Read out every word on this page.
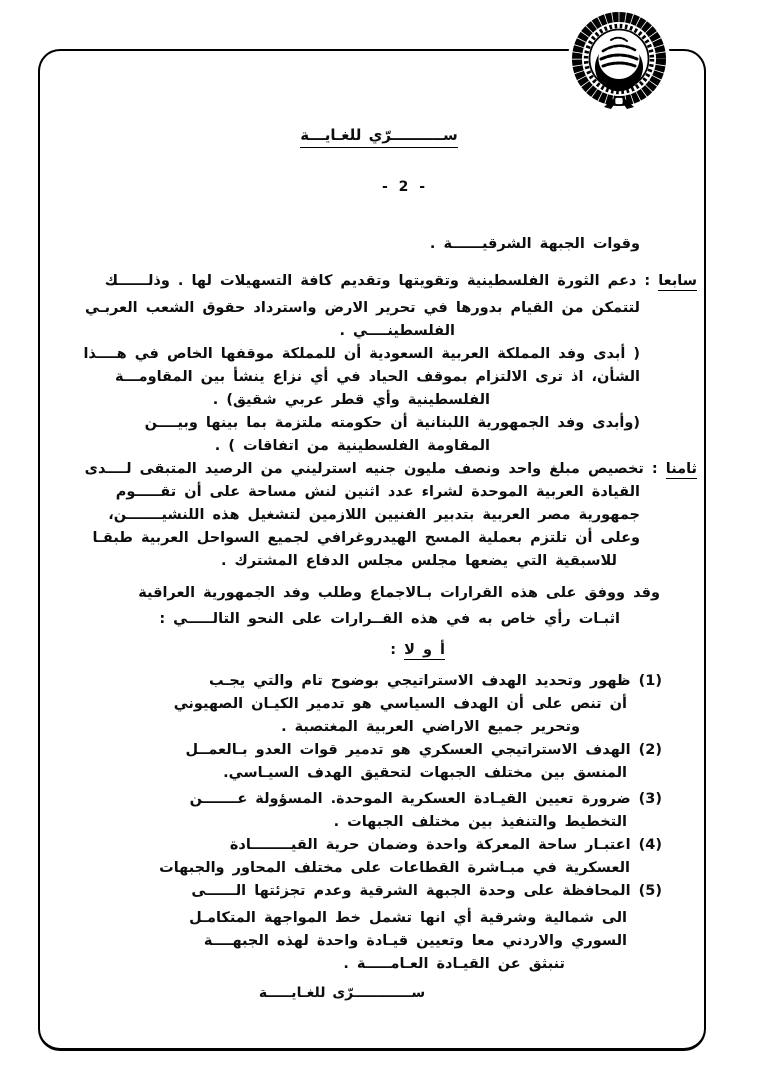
ســــــــــرّي للغـايـــة
- 2 -
وقوات الجبهة الشرقيــــــة .
سابعا : دعم الثورة الفلسطينية وتقويتها وتقديم كافة التسهيلات لها . وذلــــــك
لتتمكن من القيام بدورها في تحرير الارض واسترداد حقوق الشعب العربـي
الفلسطينــــي .
( أبدى وفد المملكة العربية السعودية أن للمملكة موقفها الخاص في هــــذا
الشأن، اذ ترى الالتزام بموقف الحياد في أي نزاع ينشأ بين المقاومـــة
الفلسطينية وأي قطر عربي شقيق) .
(وأبدى وفد الجمهورية اللبنانية أن حكومته ملتزمة بما بينها وبيــــن
المقاومة الفلسطينية من اتفاقات ) .
ثامنا : تخصيص مبلغ واحد ونصف مليون جنيه استرليني من الرصيد المتبقى لــــدى
القيادة العربية الموحدة لشراء عدد اثنين لنش مساحة على أن تقـــــوم
جمهورية مصر العربية بتدبير الفنيين اللازمين لتشغيل هذه اللنشيـــــــن،
وعلى أن تلتزم بعملية المسح الهيدروغرافي لجميع السواحل العربية طبقـا
للاسبقية التي يضعها مجلس مجلس الدفاع المشترك .
وقد ووفق على هذه القرارات بـالاجماع وطلب وفد الجمهورية العراقية
اثبـات رأي خاص به في هذه القــرارات على النحو التالـــــي :
أ و لا :
(1) ظهور وتحديد الهدف الاستراتيجي بوضوح تام والتي يجـب
أن تنص على أن الهدف السياسي هو تدمير الكيـان الصهيوني
وتحرير جميع الاراضي العربية المغتصبة .
(2) الهدف الاستراتيجي العسكري هو تدمير قوات العدو بـالعمــل
المنسق بين مختلف الجبهات لتحقيق الهدف السيـاسي.
(3) ضرورة تعيين القيـادة العسكرية الموحدة. المسؤولة عـــــــن
التخطيط والتنفيذ بين مختلف الجبهات .
(4) اعتبـار ساحة المعركة واحدة وضمان حرية القيــــــــادة
العسكرية في مبـاشرة القطاعات على مختلف المحاور والجبهات
(5) المحافظة على وحدة الجبهة الشرقية وعدم تجزئتها الــــــى
الى شمالية وشرقية أي انها تشمل خط المواجهة المتكامـل
السوري والاردني معا وتعيين قيـادة واحدة لهذه الجبهــــة
تنبثق عن القيـادة العـامـــــة .
ســــــــــــرّى للغـايـــــة
